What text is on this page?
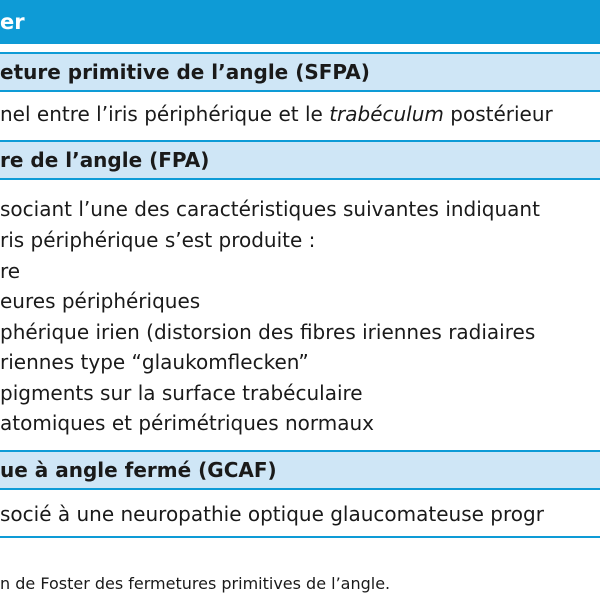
er
eture primitive de l’angle (SFPA)
nel entre l’iris périphérique et le trabéculum postérieur
re de l’angle (FPA)
sociant l’une des caractéristiques suivantes indiquant
ris périphérique s’est produite :
re
eures périphériques
phérique irien (distorsion des fibres iriennes radiaires
riennes type “glaukomflecken”
pigments sur la surface trabéculaire
atomiques et périmétriques normaux
ue à angle fermé (GCAF)
socié à une neuropathie optique glaucomateuse progr
n de Foster des fermetures primitives de l’angle.
